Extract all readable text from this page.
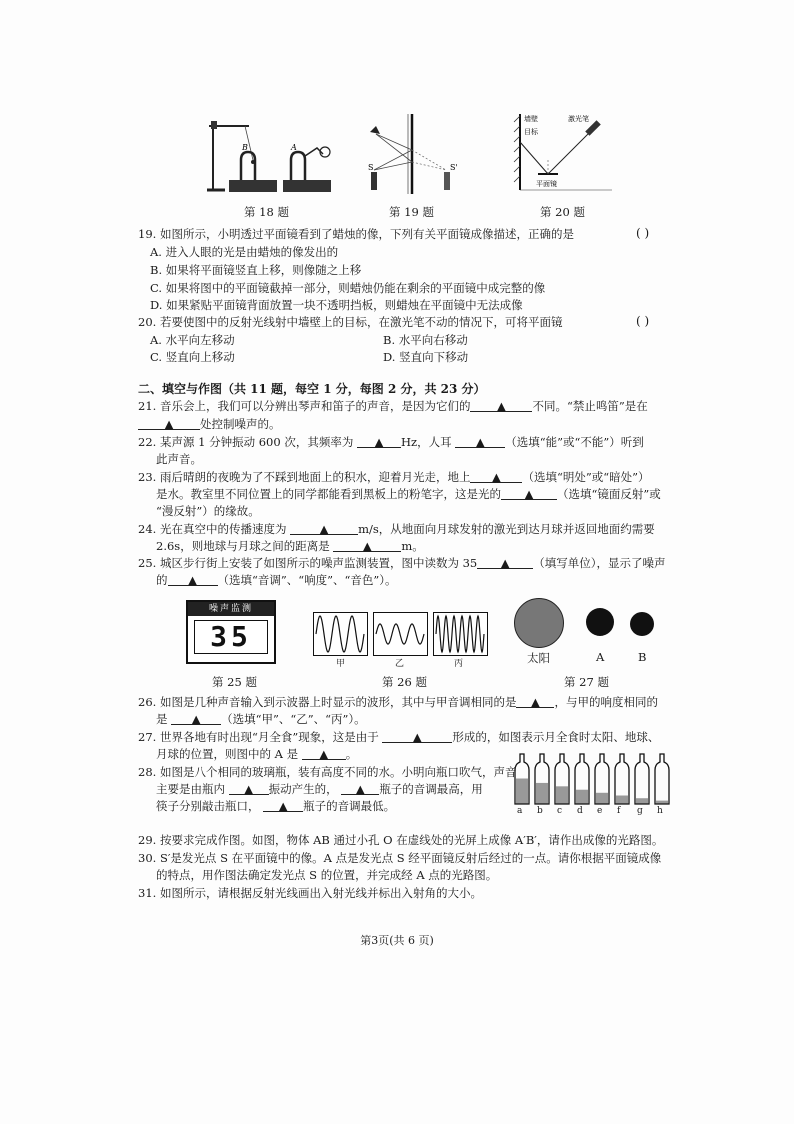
B	A
第 18 题
S	S'
第 19 题
墙壁
目标
激光笔
平面镜
第 20 题
19. 如图所示，小明透过平面镜看到了蜡烛的像，下列有关平面镜成像描述，正确的是	( )
A. 进入人眼的光是由蜡烛的像发出的
B. 如果将平面镜竖直上移，则像随之上移
C. 如果将图中的平面镜截掉一部分，则蜡烛仍能在剩余的平面镜中成完整的像
D. 如果紧贴平面镜背面放置一块不透明挡板，则蜡烛在平面镜中无法成像
20. 若要使图中的反射光线射中墙壁上的目标，在激光笔不动的情况下，可将平面镜	( )
A. 水平向左移动	B. 水平向右移动
C. 竖直向上移动	D. 竖直向下移动
二、填空与作图（共 11 题，每空 1 分，每图 2 分，共 23 分）
21. 音乐会上，我们可以分辨出琴声和笛子的声音，是因为它们的 ▲ 不同。“禁止鸣笛”是在
▲ 处控制噪声的。
22. 某声源 1 分钟振动 600 次，其频率为 ▲ Hz，人耳 ▲ （选填“能”或“不能”）听到
此声音。
23. 雨后晴朗的夜晚为了不踩到地面上的积水，迎着月光走，地上 ▲ （选填“明处”或“暗处”）
是水。教室里不同位置上的同学都能看到黑板上的粉笔字，这是光的 ▲ （选填“镜面反射”或
“漫反射”）的缘故。
24. 光在真空中的传播速度为	▲	m/s，从地面向月球发射的激光到达月球并返回地面约需要
2.6s，则地球与月球之间的距离是	▲	m。
25. 城区步行街上安装了如图所示的噪声监测装置，图中读数为 35 ▲ （填写单位），显示了噪声
的 ▲ （选填“音调”、“响度”、“音色”）。
噪声监测
35
第 25 题
甲	乙	丙
第 26 题
太阳	A	B
第 27 题
26. 如图是几种声音输入到示波器上时显示的波形，其中与甲音调相同的是 ▲ ，与甲的响度相同的
是 ▲ （选填“甲”、“乙”、“丙”）。
27. 世界各地有时出现“月全食”现象，这是由于	▲	形成的，如图表示月全食时太阳、地球、
月球的位置，则图中的 A 是 ▲ 。
28. 如图是八个相同的玻璃瓶，装有高度不同的水。小明向瓶口吹气，声音
主要是由瓶内 ▲ 振动产生的， ▲ 瓶子的音调最高，用
筷子分别敲击瓶口， ▲ 瓶子的音调最低。	a b c d e f g h
29. 按要求完成作图。如图，物体 AB 通过小孔 O 在虚线处的光屏上成像 A′B′，请作出成像的光路图。
30. S′是发光点 S 在平面镜中的像。A 点是发光点 S 经平面镜反射后经过的一点。请你根据平面镜成像
的特点，用作图法确定发光点 S 的位置，并完成经 A 点的光路图。
31. 如图所示，请根据反射光线画出入射光线并标出入射角的大小。
第3页(共 6 页)
